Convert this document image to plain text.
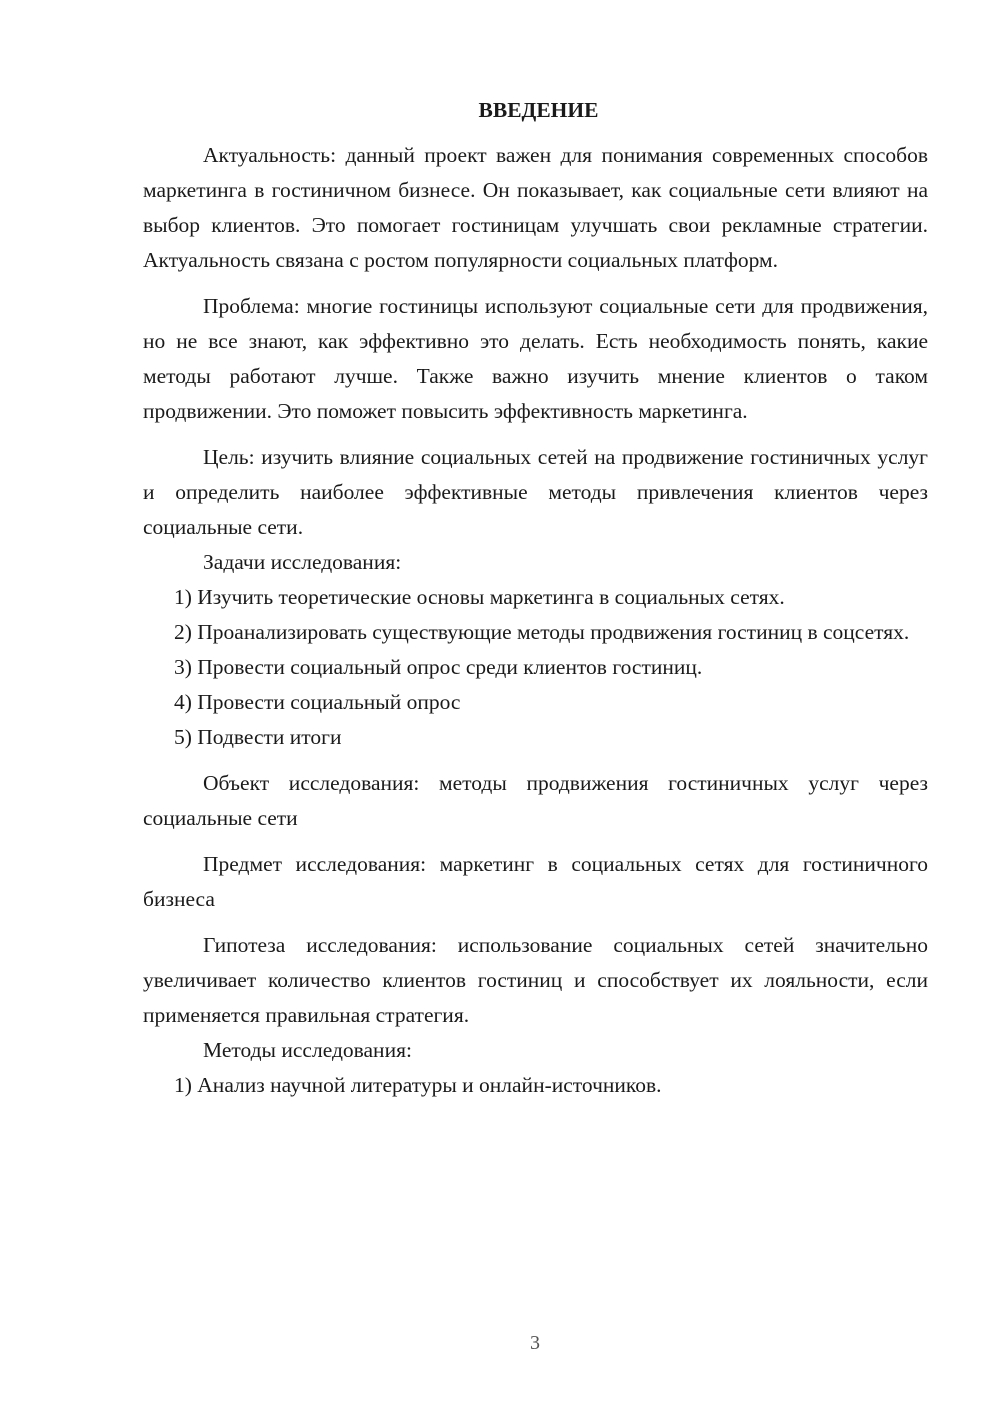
ВВЕДЕНИЕ

Актуальность: данный проект важен для понимания современных способов маркетинга в гостиничном бизнесе. Он показывает, как социальные сети влияют на выбор клиентов. Это помогает гостиницам улучшать свои рекламные стратегии. Актуальность связана с ростом популярности социальных платформ.

Проблема: многие гостиницы используют социальные сети для продвижения, но не все знают, как эффективно это делать. Есть необходимость понять, какие методы работают лучше. Также важно изучить мнение клиентов о таком продвижении. Это поможет повысить эффективность маркетинга.

Цель: изучить влияние социальных сетей на продвижение гостиничных услуг и определить наиболее эффективные методы привлечения клиентов через социальные сети.

Задачи исследования:

1) Изучить теоретические основы маркетинга в социальных сетях.

2) Проанализировать существующие методы продвижения гостиниц в соцсетях.

3) Провести социальный опрос среди клиентов гостиниц.

4) Провести социальный опрос

5) Подвести итоги

Объект исследования: методы продвижения гостиничных услуг через социальные сети

Предмет исследования: маркетинг в социальных сетях для гостиничного бизнеса

Гипотеза исследования: использование социальных сетей значительно увеличивает количество клиентов гостиниц и способствует их лояльности, если применяется правильная стратегия.

Методы исследования:

1) Анализ научной литературы и онлайн-источников.

3
